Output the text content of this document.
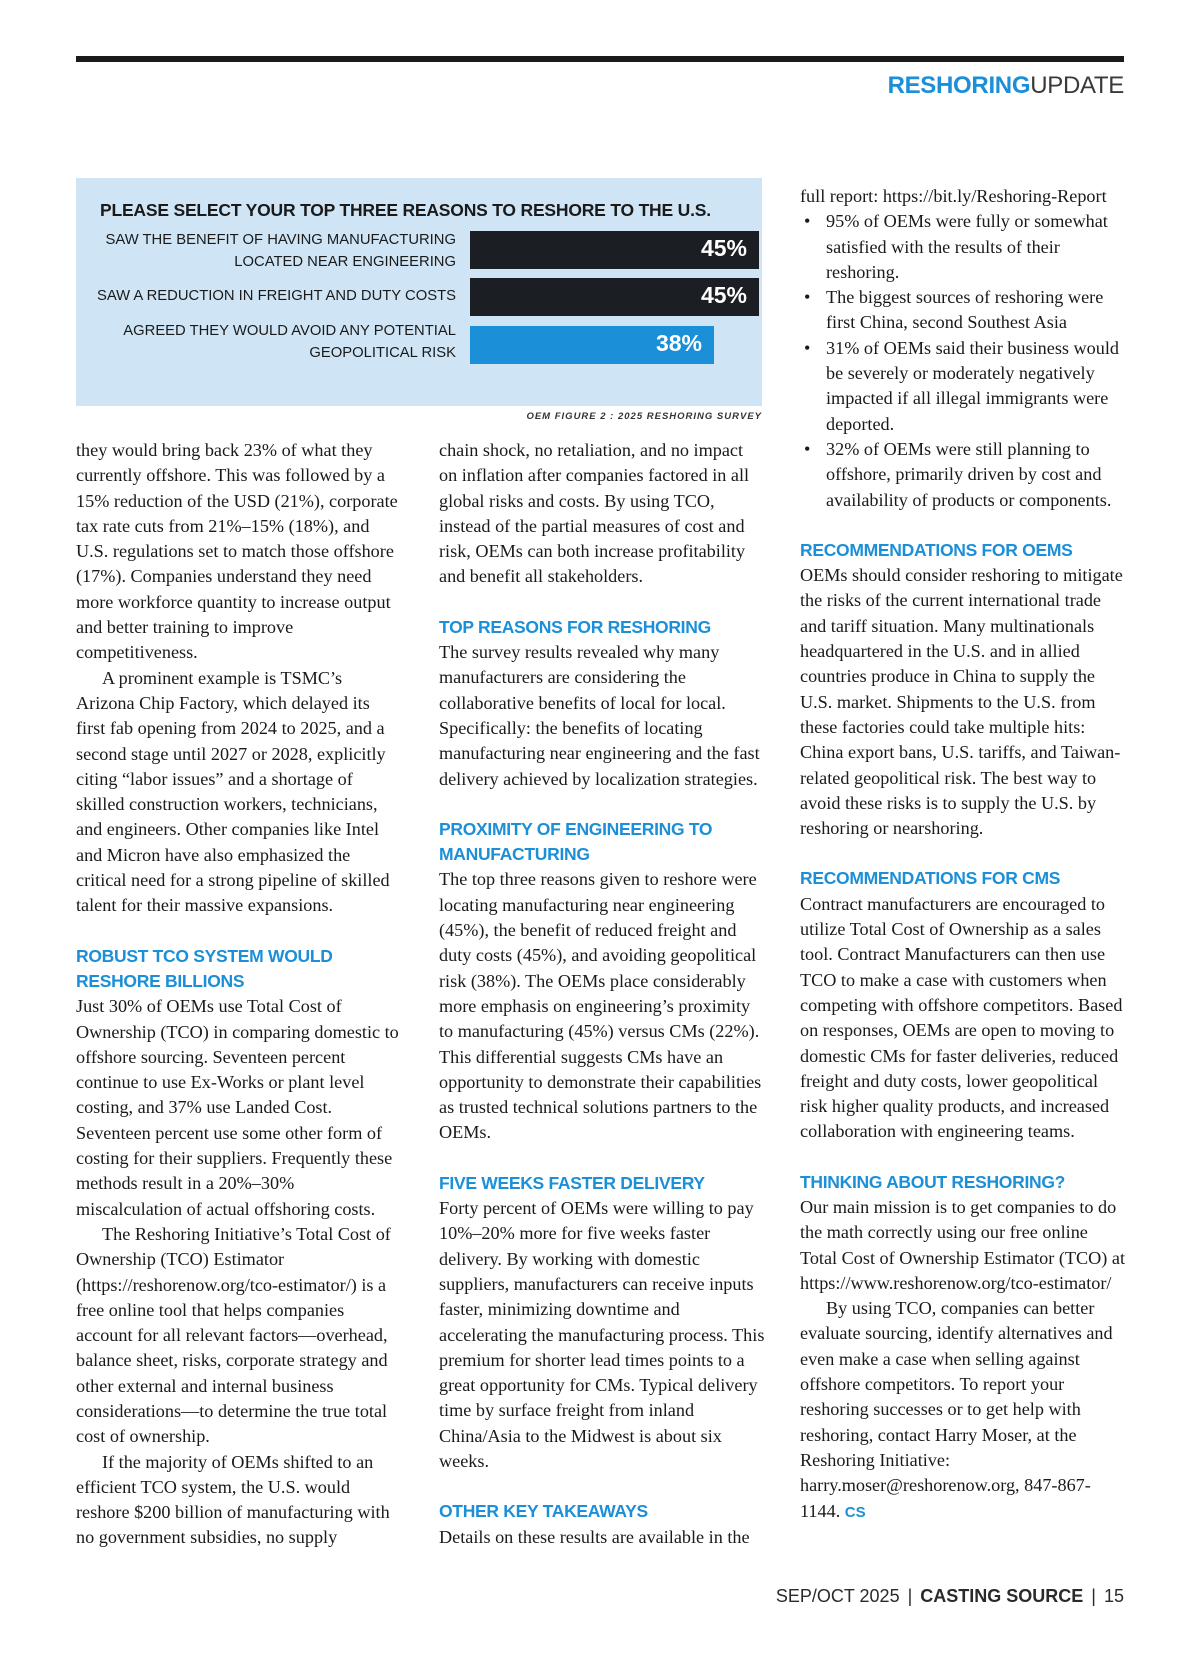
RESHORINGUPDATE
PLEASE SELECT YOUR TOP THREE REASONS TO RESHORE TO THE U.S.
SAW THE BENEFIT OF HAVING MANUFACTURING
LOCATED NEAR ENGINEERING
45%
SAW A REDUCTION IN FREIGHT AND DUTY COSTS	45%
AGREED THEY WOULD AVOID ANY POTENTIAL
GEOPOLITICAL RISK	38%
OEM FIGURE 2 : 2025 RESHORING SURVEY

they would bring back 23% of what they currently offshore. This was followed by a 15% reduction of the USD (21%), corporate tax rate cuts from 21%–15% (18%), and U.S. regulations set to match those offshore (17%). Companies understand they need more workforce quantity to increase output and better training to improve competitiveness.

A prominent example is TSMC’s Arizona Chip Factory, which delayed its first fab opening from 2024 to 2025, and a second stage until 2027 or 2028, explicitly citing “labor issues” and a shortage of skilled construction workers, technicians, and engineers. Other companies like Intel and Micron have also emphasized the critical need for a strong pipeline of skilled talent for their massive expansions.

ROBUST TCO SYSTEM WOULD RESHORE BILLIONS

Just 30% of OEMs use Total Cost of Ownership (TCO) in comparing domestic to offshore sourcing. Seventeen percent continue to use Ex-Works or plant level costing, and 37% use Landed Cost. Seventeen percent use some other form of costing for their suppliers. Frequently these methods result in a 20%–30% miscalculation of actual offshoring costs.

The Reshoring Initiative’s Total Cost of Ownership (TCO) Estimator (https://reshorenow.org/tco-estimator/) is a free online tool that helps companies account for all relevant factors—overhead, balance sheet, risks, corporate strategy and other external and internal business considerations—to determine the true total cost of ownership.

If the majority of OEMs shifted to an efficient TCO system, the U.S. would reshore $200 billion of manufacturing with no government subsidies, no supply

chain shock, no retaliation, and no impact on inflation after companies factored in all global risks and costs. By using TCO, instead of the partial measures of cost and risk, OEMs can both increase profitability and benefit all stakeholders.

TOP REASONS FOR RESHORING

The survey results revealed why many manufacturers are considering the collaborative benefits of local for local. Specifically: the benefits of locating manufacturing near engineering and the fast delivery achieved by localization strategies.

PROXIMITY OF ENGINEERING TO MANUFACTURING

The top three reasons given to reshore were locating manufacturing near engineering (45%), the benefit of reduced freight and duty costs (45%), and avoiding geopolitical risk (38%). The OEMs place considerably more emphasis on engineering’s proximity to manufacturing (45%) versus CMs (22%). This differential suggests CMs have an opportunity to demonstrate their capabilities as trusted technical solutions partners to the OEMs.

FIVE WEEKS FASTER DELIVERY

Forty percent of OEMs were willing to pay 10%–20% more for five weeks faster delivery. By working with domestic suppliers, manufacturers can receive inputs faster, minimizing downtime and accelerating the manufacturing process. This premium for shorter lead times points to a great opportunity for CMs. Typical delivery time by surface freight from inland China/Asia to the Midwest is about six weeks.

OTHER KEY TAKEAWAYS

Details on these results are available in the

full report: https://bit.ly/Reshoring-Report

• 95% of OEMs were fully or somewhat satisfied with the results of their reshoring.
• The biggest sources of reshoring were first China, second Southest Asia
• 31% of OEMs said their business would be severely or moderately negatively impacted if all illegal immigrants were deported.
• 32% of OEMs were still planning to offshore, primarily driven by cost and availability of products or components.
RECOMMENDATIONS FOR OEMS

OEMs should consider reshoring to mitigate the risks of the current international trade and tariff situation. Many multinationals headquartered in the U.S. and in allied countries produce in China to supply the U.S. market. Shipments to the U.S. from these factories could take multiple hits: China export bans, U.S. tariffs, and Taiwan-related geopolitical risk. The best way to avoid these risks is to supply the U.S. by reshoring or nearshoring.

RECOMMENDATIONS FOR CMS

Contract manufacturers are encouraged to utilize Total Cost of Ownership as a sales tool. Contract Manufacturers can then use TCO to make a case with customers when competing with offshore competitors. Based on responses, OEMs are open to moving to domestic CMs for faster deliveries, reduced freight and duty costs, lower geopolitical risk higher quality products, and increased collaboration with engineering teams.

THINKING ABOUT RESHORING?

Our main mission is to get companies to do the math correctly using our free online Total Cost of Ownership Estimator (TCO) at https://www.reshorenow.org/tco-estimator/

By using TCO, companies can better evaluate sourcing, identify alternatives and even make a case when selling against offshore competitors. To report your reshoring successes or to get help with reshoring, contact Harry Moser, at the Reshoring Initiative: harry.moser@reshorenow.org, 847-867-1144. CS

SEP/OCT 2025 | CASTING SOURCE | 15
